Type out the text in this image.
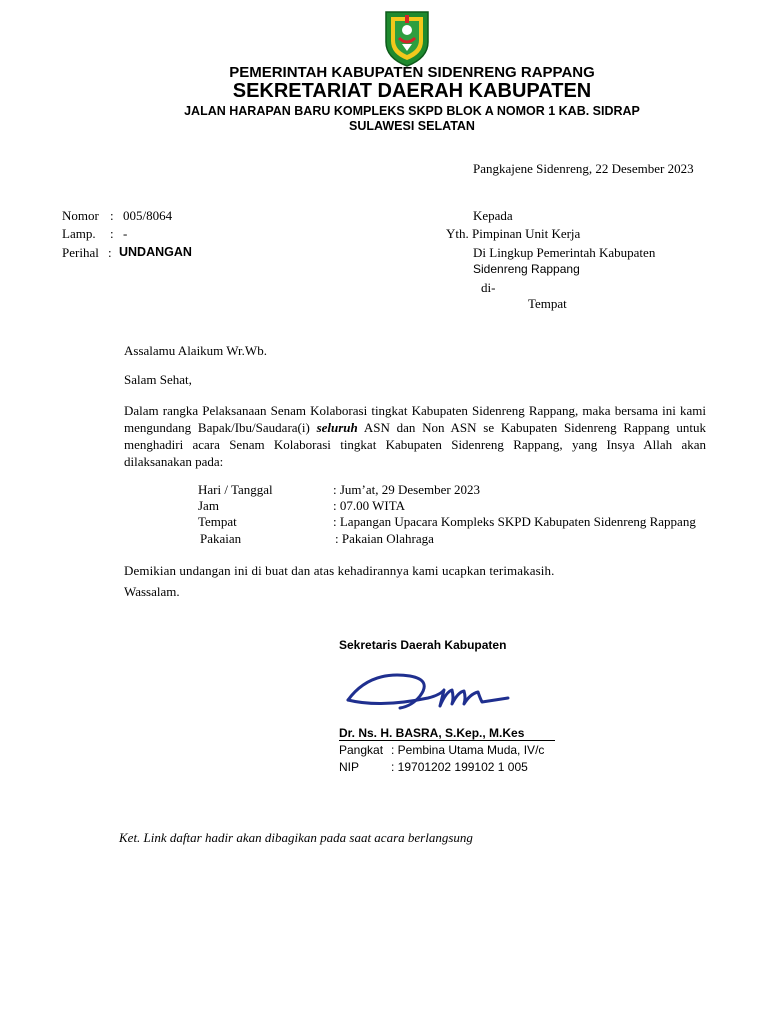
PEMERINTAH KABUPATEN SIDENRENG RAPPANG
SEKRETARIAT DAERAH KABUPATEN
JALAN HARAPAN BARU KOMPLEKS SKPD BLOK A NOMOR 1 KAB. SIDRAP
SULAWESI SELATAN
Pangkajene Sidenreng, 22 Desember 2023
Nomor : 005/8064
Lamp. : -
Perihal : UNDANGAN
Kepada
Yth. Pimpinan Unit Kerja
Di Lingkup Pemerintah Kabupaten
Sidenreng Rappang
di-
Tempat
Assalamu Alaikum Wr.Wb.
Salam Sehat,
Dalam rangka Pelaksanaan Senam Kolaborasi tingkat Kabupaten Sidenreng Rappang, maka bersama ini kami mengundang Bapak/Ibu/Saudara(i) seluruh ASN dan Non ASN se Kabupaten Sidenreng Rappang untuk menghadiri acara Senam Kolaborasi tingkat Kabupaten Sidenreng Rappang, yang Insya Allah akan dilaksanakan pada:
Hari / Tanggal	: Jum’at, 29 Desember 2023
Jam	: 07.00 WITA
Tempat	: Lapangan Upacara Kompleks SKPD Kabupaten Sidenreng Rappang
Pakaian	: Pakaian Olahraga
Demikian undangan ini di buat dan atas kehadirannya kami ucapkan terimakasih.
Wassalam.
Sekretaris Daerah Kabupaten
Dr. Ns. H. BASRA, S.Kep., M.Kes
Pangkat : Pembina Utama Muda, IV/c
NIP	: 19701202 199102 1 005
Ket. Link daftar hadir akan dibagikan pada saat acara berlangsung
